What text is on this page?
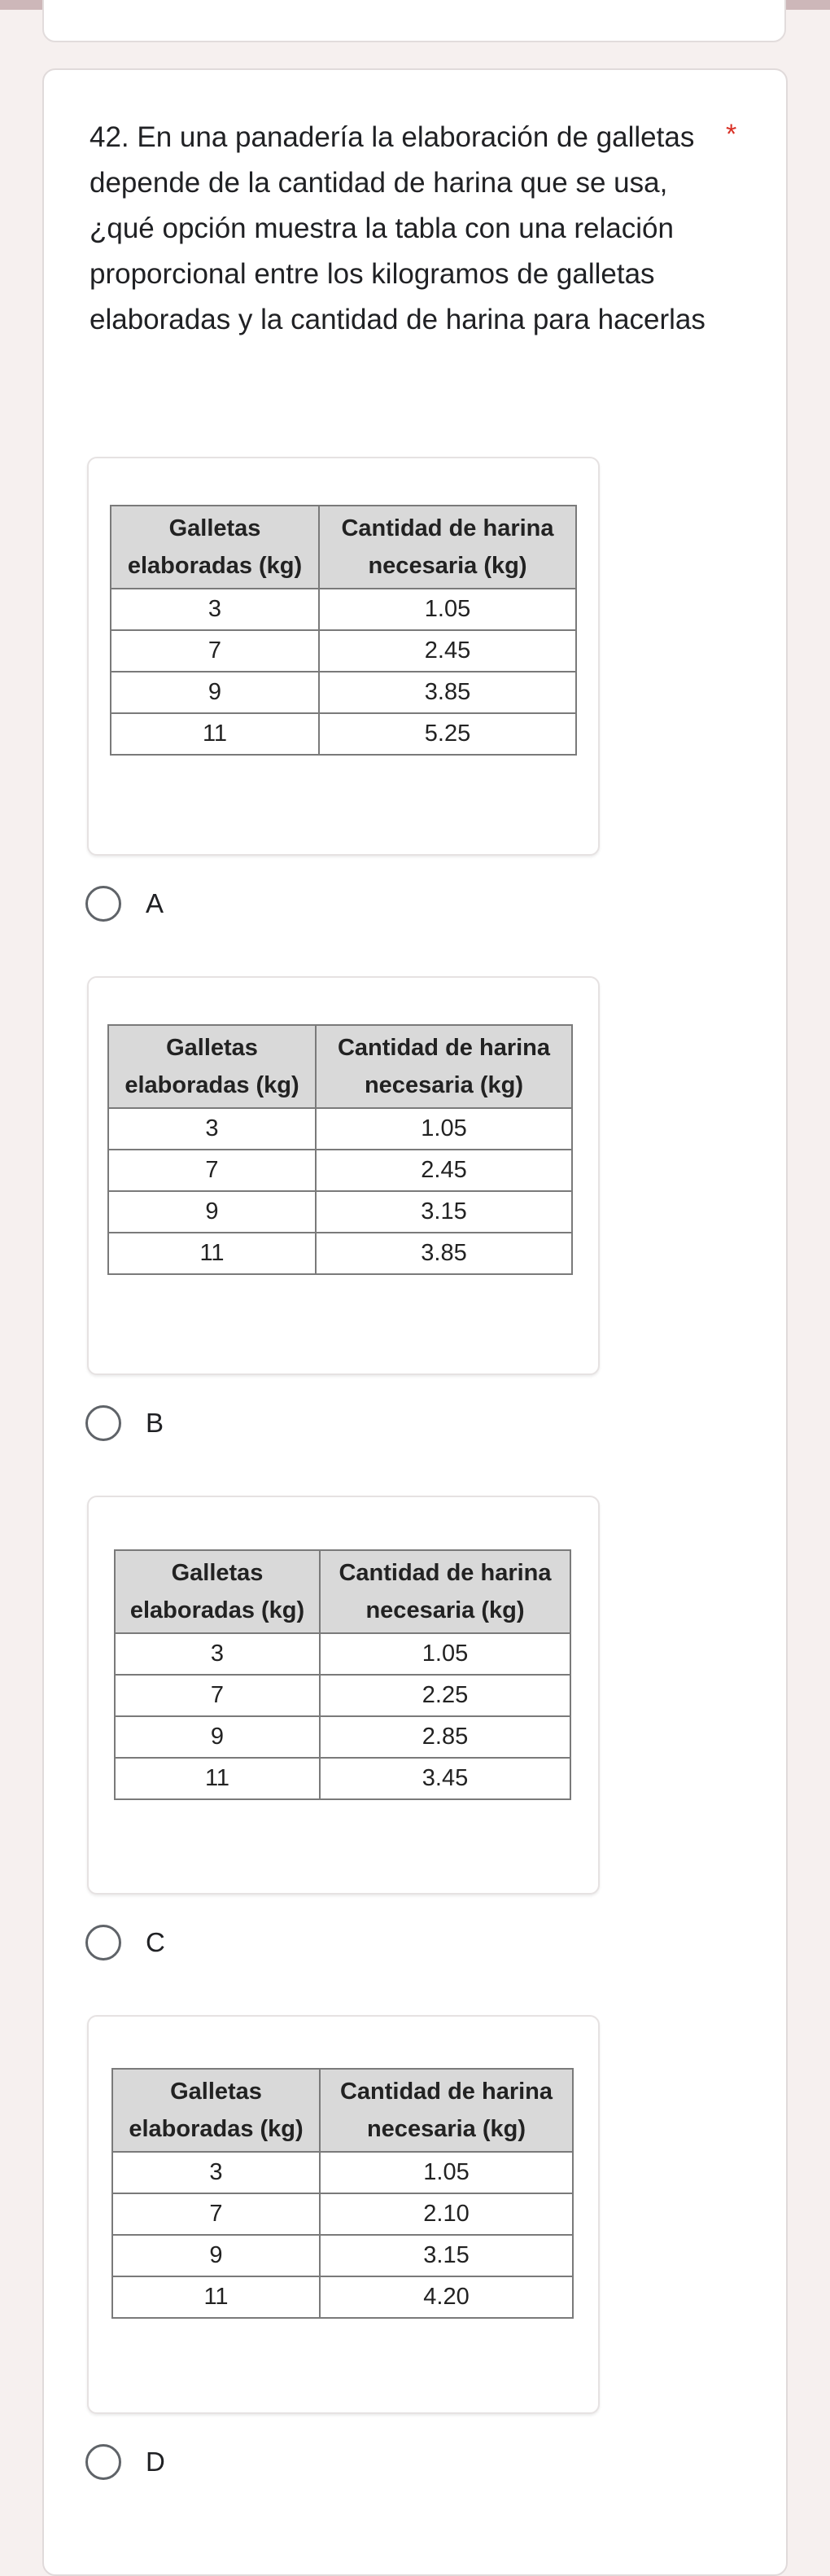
42. En una panadería la elaboración de galletas depende de la cantidad de harina que se usa, ¿qué opción muestra la tabla con una relación proporcional entre los kilogramos de galletas elaboradas y la cantidad de harina para hacerlas

*
Galletas elaboradas (kg)	Cantidad de harina necesaria (kg)
3	1.05
7	2.45
9	3.85
11	5.25
A
Galletas elaboradas (kg)	Cantidad de harina necesaria (kg)
3	1.05
7	2.45
9	3.15
11	3.85
B
Galletas elaboradas (kg)	Cantidad de harina necesaria (kg)
3	1.05
7	2.25
9	2.85
11	3.45
C
Galletas elaboradas (kg)	Cantidad de harina necesaria (kg)
3	1.05
7	2.10
9	3.15
11	4.20
D
